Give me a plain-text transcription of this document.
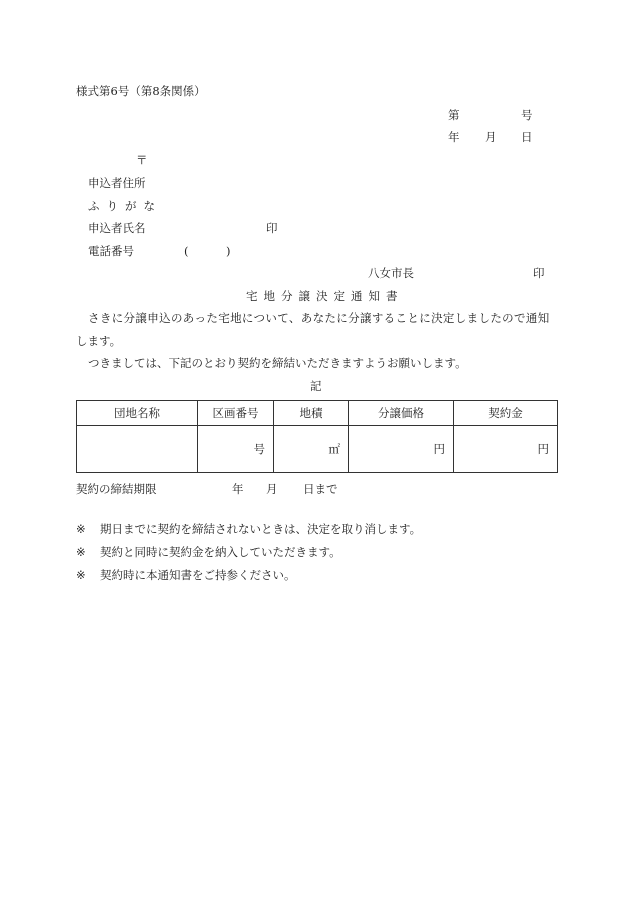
様式第6号（第8条関係）
第	号
年 月 日
〒
申込者住所
ふりがな
申込者氏名	印
電話番号	(	)
八女市長	印
宅地分譲決定通知書
さきに分譲申込のあった宅地について、あなたに分譲することに決定しましたので通知
します。
つきましては、下記のとおり契約を締結いただきますようお願いします。
記
団地名称	区画番号	地積	分譲価格	契約金
	号	㎡	円	円
契約の締結期限	年 月 日まで
※ 期日までに契約を締結されないときは、決定を取り消します。
※ 契約と同時に契約金を納入していただきます。
※ 契約時に本通知書をご持参ください。
